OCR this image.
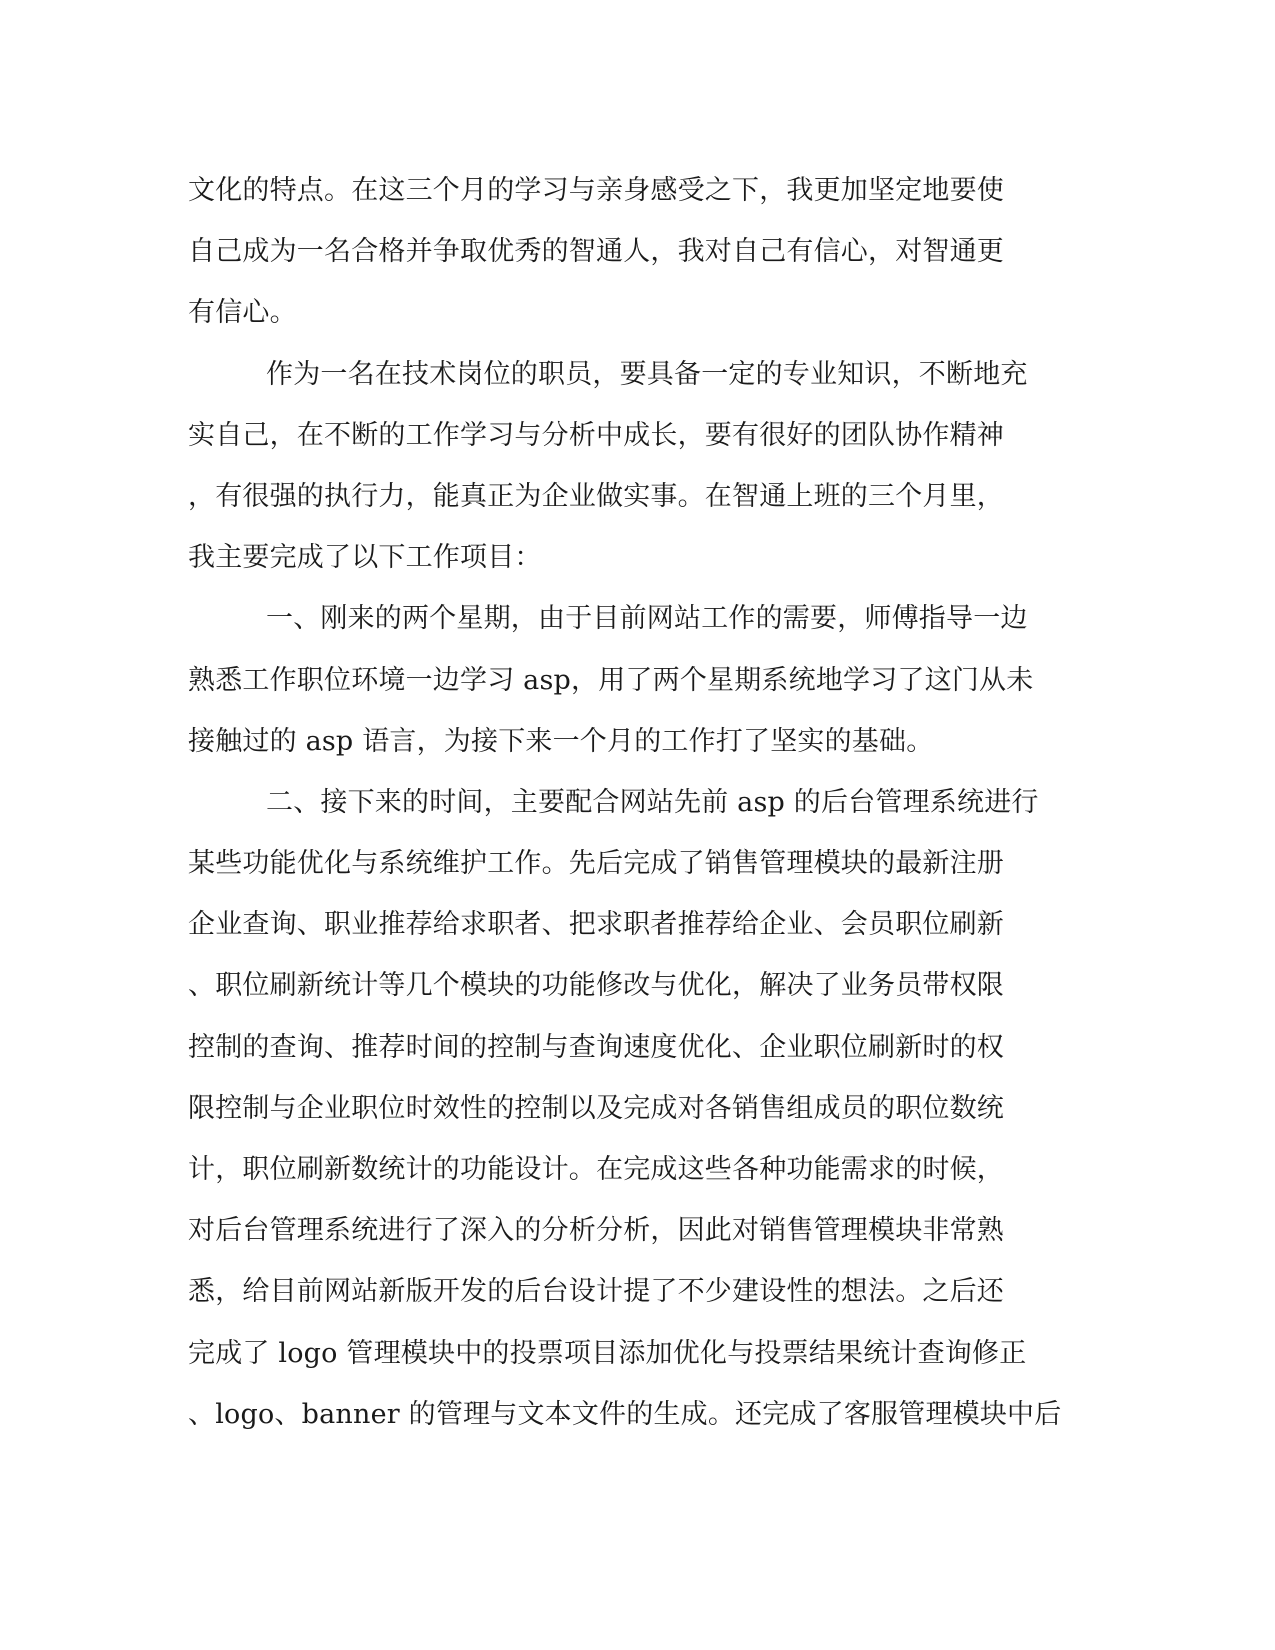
文化的特点。在这三个月的学习与亲身感受之下，我更加坚定地要使
自己成为一名合格并争取优秀的智通人，我对自己有信心，对智通更
有信心。
作为一名在技术岗位的职员，要具备一定的专业知识，不断地充
实自己，在不断的工作学习与分析中成长，要有很好的团队协作精神
，有很强的执行力，能真正为企业做实事。在智通上班的三个月里，
我主要完成了以下工作项目：
一、刚来的两个星期，由于目前网站工作的需要，师傅指导一边
熟悉工作职位环境一边学习 asp，用了两个星期系统地学习了这门从未
接触过的 asp 语言，为接下来一个月的工作打了坚实的基础。
二、接下来的时间，主要配合网站先前 asp 的后台管理系统进行
某些功能优化与系统维护工作。先后完成了销售管理模块的最新注册
企业查询、职业推荐给求职者、把求职者推荐给企业、会员职位刷新
、职位刷新统计等几个模块的功能修改与优化，解决了业务员带权限
控制的查询、推荐时间的控制与查询速度优化、企业职位刷新时的权
限控制与企业职位时效性的控制以及完成对各销售组成员的职位数统
计，职位刷新数统计的功能设计。在完成这些各种功能需求的时候，
对后台管理系统进行了深入的分析分析，因此对销售管理模块非常熟
悉，给目前网站新版开发的后台设计提了不少建设性的想法。之后还
完成了 logo 管理模块中的投票项目添加优化与投票结果统计查询修正
、logo、banner 的管理与文本文件的生成。还完成了客服管理模块中后
